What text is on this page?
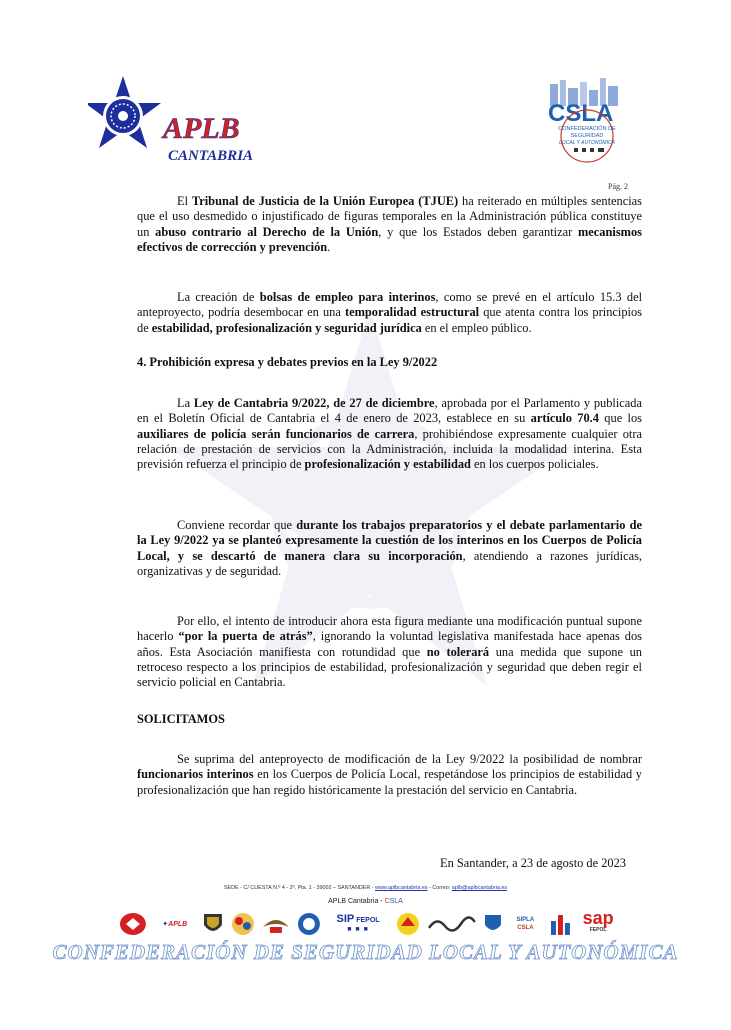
APLB
CANTABRIA
CSLA
CONFEDERACIÓN DE
SEGURIDAD
LOCAL Y AUTONÓMICA
Pág. 2

El Tribunal de Justicia de la Unión Europea (TJUE) ha reiterado en múltiples sentencias que el uso desmedido o injustificado de figuras temporales en la Administración pública constituye un abuso contrario al Derecho de la Unión, y que los Estados deben garantizar mecanismos efectivos de corrección y prevención.

La creación de bolsas de empleo para interinos, como se prevé en el artículo 15.3 del anteproyecto, podría desembocar en una temporalidad estructural que atenta contra los principios de estabilidad, profesionalización y seguridad jurídica en el empleo público.

4. Prohibición expresa y debates previos en la Ley 9/2022

La Ley de Cantabria 9/2022, de 27 de diciembre, aprobada por el Parlamento y publicada en el Boletín Oficial de Cantabria el 4 de enero de 2023, establece en su artículo 70.4 que los auxiliares de policía serán funcionarios de carrera, prohibiéndose expresamente cualquier otra relación de prestación de servicios con la Administración, incluida la modalidad interina. Esta previsión refuerza el principio de profesionalización y estabilidad en los cuerpos policiales.

Conviene recordar que durante los trabajos preparatorios y el debate parlamentario de la Ley 9/2022 ya se planteó expresamente la cuestión de los interinos en los Cuerpos de Policía Local, y se descartó de manera clara su incorporación, atendiendo a razones jurídicas, organizativas y de seguridad.

Por ello, el intento de introducir ahora esta figura mediante una modificación puntual supone hacerlo “por la puerta de atrás”, ignorando la voluntad legislativa manifestada hace apenas dos años. Esta Asociación manifiesta con rotundidad que no tolerará una medida que supone un retroceso respecto a los principios de estabilidad, profesionalización y seguridad que deben regir el servicio policial en Cantabria.

SOLICITAMOS

Se suprima del anteproyecto de modificación de la Ley 9/2022 la posibilidad de nombrar funcionarios interinos en los Cuerpos de Policía Local, respetándose los principios de estabilidad y profesionalización que han regido históricamente la prestación del servicio en Cantabria.

En Santander, a 23 de agosto de 2023
SEDE - C/ CUESTA N.º 4 - 2º, Pta. 1 - 39002 – SANTANDER - www.aplbcantabria.es - Correo: aplb@aplbcantabria.es
APLB Cantabria - CSLA
✦ APLB	SIP FEPOL
■ ■ ■
SIPLA
CSLA	sap
FEPOL
CONFEDERACIÓN DE SEGURIDAD LOCAL Y AUTONÓMICA
